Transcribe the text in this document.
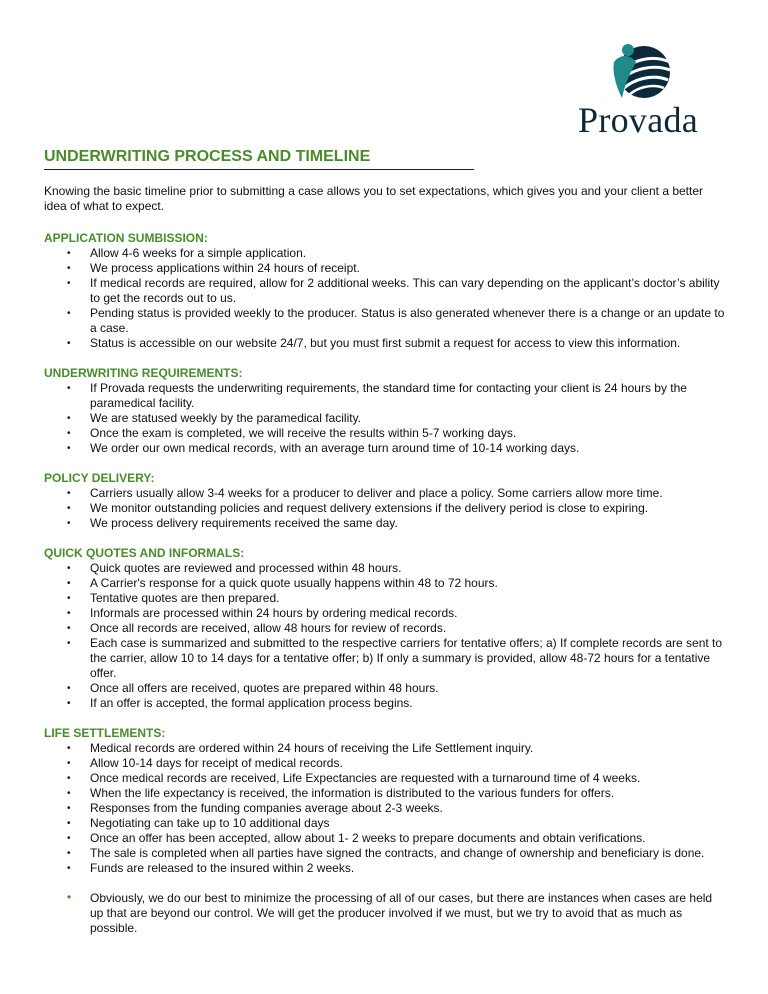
Provada
UNDERWRITING PROCESS AND TIMELINE

Knowing the basic timeline prior to submitting a case allows you to set expectations, which gives you and your client a better idea of what to expect.

APPLICATION SUMBISSION:

• Allow 4-6 weeks for a simple application.
• We process applications within 24 hours of receipt.
• If medical records are required, allow for 2 additional weeks. This can vary depending on the applicant’s doctor’s ability to get the records out to us.
• Pending status is provided weekly to the producer. Status is also generated whenever there is a change or an update to a case.
• Status is accessible on our website 24/7, but you must first submit a request for access to view this information.

UNDERWRITING REQUIREMENTS:

• If Provada requests the underwriting requirements, the standard time for contacting your client is 24 hours by the paramedical facility.
• We are statused weekly by the paramedical facility.
• Once the exam is completed, we will receive the results within 5-7 working days.
• We order our own medical records, with an average turn around time of 10-14 working days.

POLICY DELIVERY:

• Carriers usually allow 3-4 weeks for a producer to deliver and place a policy. Some carriers allow more time.
• We monitor outstanding policies and request delivery extensions if the delivery period is close to expiring.
• We process delivery requirements received the same day.

QUICK QUOTES AND INFORMALS:

• Quick quotes are reviewed and processed within 48 hours.
• A Carrier's response for a quick quote usually happens within 48 to 72 hours.
• Tentative quotes are then prepared.
• Informals are processed within 24 hours by ordering medical records.
• Once all records are received, allow 48 hours for review of records.
• Each case is summarized and submitted to the respective carriers for tentative offers; a) If complete records are sent to the carrier, allow 10 to 14 days for a tentative offer; b) If only a summary is provided, allow 48-72 hours for a tentative offer.
• Once all offers are received, quotes are prepared within 48 hours.
• If an offer is accepted, the formal application process begins.

LIFE SETTLEMENTS:

• Medical records are ordered within 24 hours of receiving the Life Settlement inquiry.
• Allow 10-14 days for receipt of medical records.
• Once medical records are received, Life Expectancies are requested with a turnaround time of 4 weeks.
• When the life expectancy is received, the information is distributed to the various funders for offers.
• Responses from the funding companies average about 2-3 weeks.
• Negotiating can take up to 10 additional days
• Once an offer has been accepted, allow about 1- 2 weeks to prepare documents and obtain verifications.
• The sale is completed when all parties have signed the contracts, and change of ownership and beneficiary is done.
• Funds are released to the insured within 2 weeks.
• Obviously, we do our best to minimize the processing of all of our cases, but there are instances when cases are held up that are beyond our control. We will get the producer involved if we must, but we try to avoid that as much as possible.
